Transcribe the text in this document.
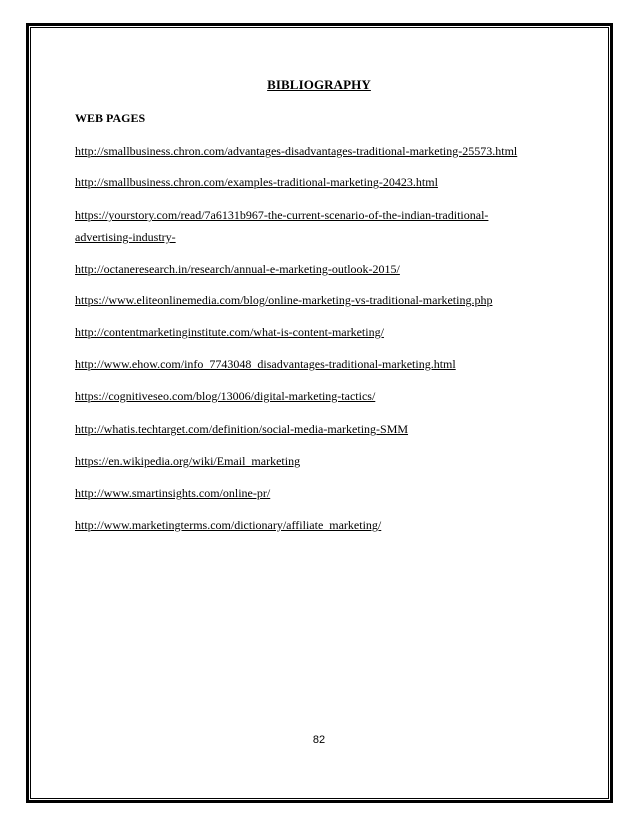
BIBLIOGRAPHY
WEB PAGES
http://smallbusiness.chron.com/advantages-disadvantages-traditional-marketing-25573.html
http://smallbusiness.chron.com/examples-traditional-marketing-20423.html
https://yourstory.com/read/7a6131b967-the-current-scenario-of-the-indian-traditional-
advertising-industry-
http://octaneresearch.in/research/annual-e-marketing-outlook-2015/
https://www.eliteonlinemedia.com/blog/online-marketing-vs-traditional-marketing.php
http://contentmarketinginstitute.com/what-is-content-marketing/
http://www.ehow.com/info_7743048_disadvantages-traditional-marketing.html
https://cognitiveseo.com/blog/13006/digital-marketing-tactics/
http://whatis.techtarget.com/definition/social-media-marketing-SMM
https://en.wikipedia.org/wiki/Email_marketing
http://www.smartinsights.com/online-pr/
http://www.marketingterms.com/dictionary/affiliate_marketing/
82
